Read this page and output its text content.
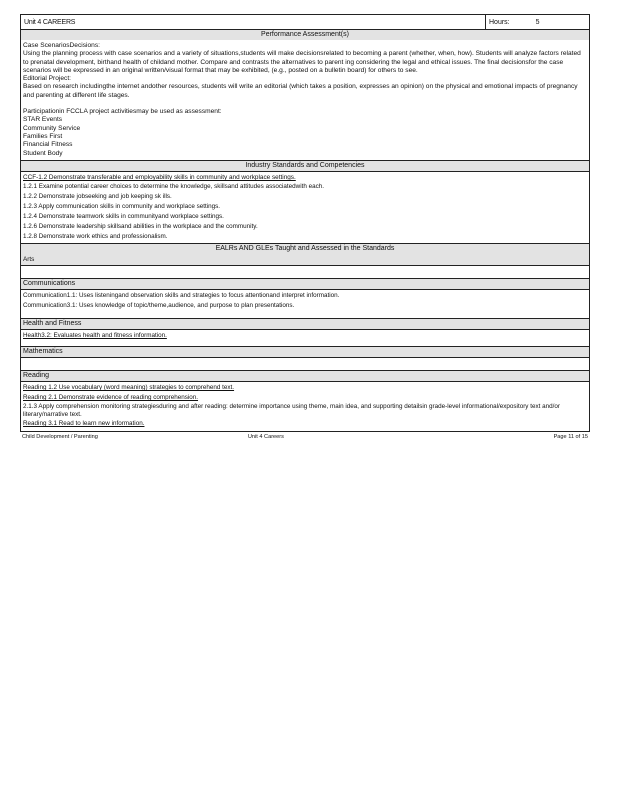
Unit 4 CAREERS	Hours:	5
Performance Assessment(s)

Case ScenariosDecisions:

Using the planning process with case scenarios and a variety of situations,students will make decisionsrelated to becoming a parent (whether, when, how). Students will analyze factors related to prenatal development, birthand health of childand mother. Compare and contrasts the alternatives to parent ing considering the legal and ethical issues. The final decisionsfor the case scenarios will be expressed in an original written/visual format that may be exhibited, (e.g., posted on a bulletin board) for others to see.

Editorial Project:

Based on research includingthe internet andother resources, students will write an editorial (which takes a position, expresses an opinion) on the physical and emotional impacts of pregnancy and parenting at different life stages.

Participationin FCCLA project activitiesmay be used as assessment:

STAR Events

Community Service

Families First

Financial Fitness

Student Body

Industry Standards and Competencies
CCF-1.2 Demonstrate transferable and employability skills in community and workplace settings.
1.2.1 Examine potential career choices to determine the knowledge, skillsand attitudes associatedwith each.
1.2.2 Demonstrate jobseeking and job keeping sk ills.
1.2.3 Apply communication skills in community and workplace settings.
1.2.4 Demonstrate teamwork skills in communityand workplace settings.
1.2.6 Demonstrate leadership skillsand abilities in the workplace and the community.
1.2.8 Demonstrate work ethics and professionalism.
EALRs AND GLEs Taught and Assessed in the Standards
Arts
Communications
Communication1.1: Uses listeningand observation skills and strategies to focus attentionand interpret information.
Communication3.1: Uses knowledge of topic/theme,audience, and purpose to plan presentations.
Health and Fitness
Health3.2: Evaluates health and fitness information.
Mathematics
Reading
Reading 1.2 Use vocabulary (word meaning) strategies to comprehend text.
Reading 2.1 Demonstrate evidence of reading comprehension.
2.1.3 Apply comprehension monitoring strategiesduring and after reading: determine importance using theme, main idea, and supporting detailsin grade-level informational/expository text and/or literary/narrative text.
Reading 3.1 Read to learn new information.
Child Development / Parenting	Unit 4 Careers	Page 11 of 15
